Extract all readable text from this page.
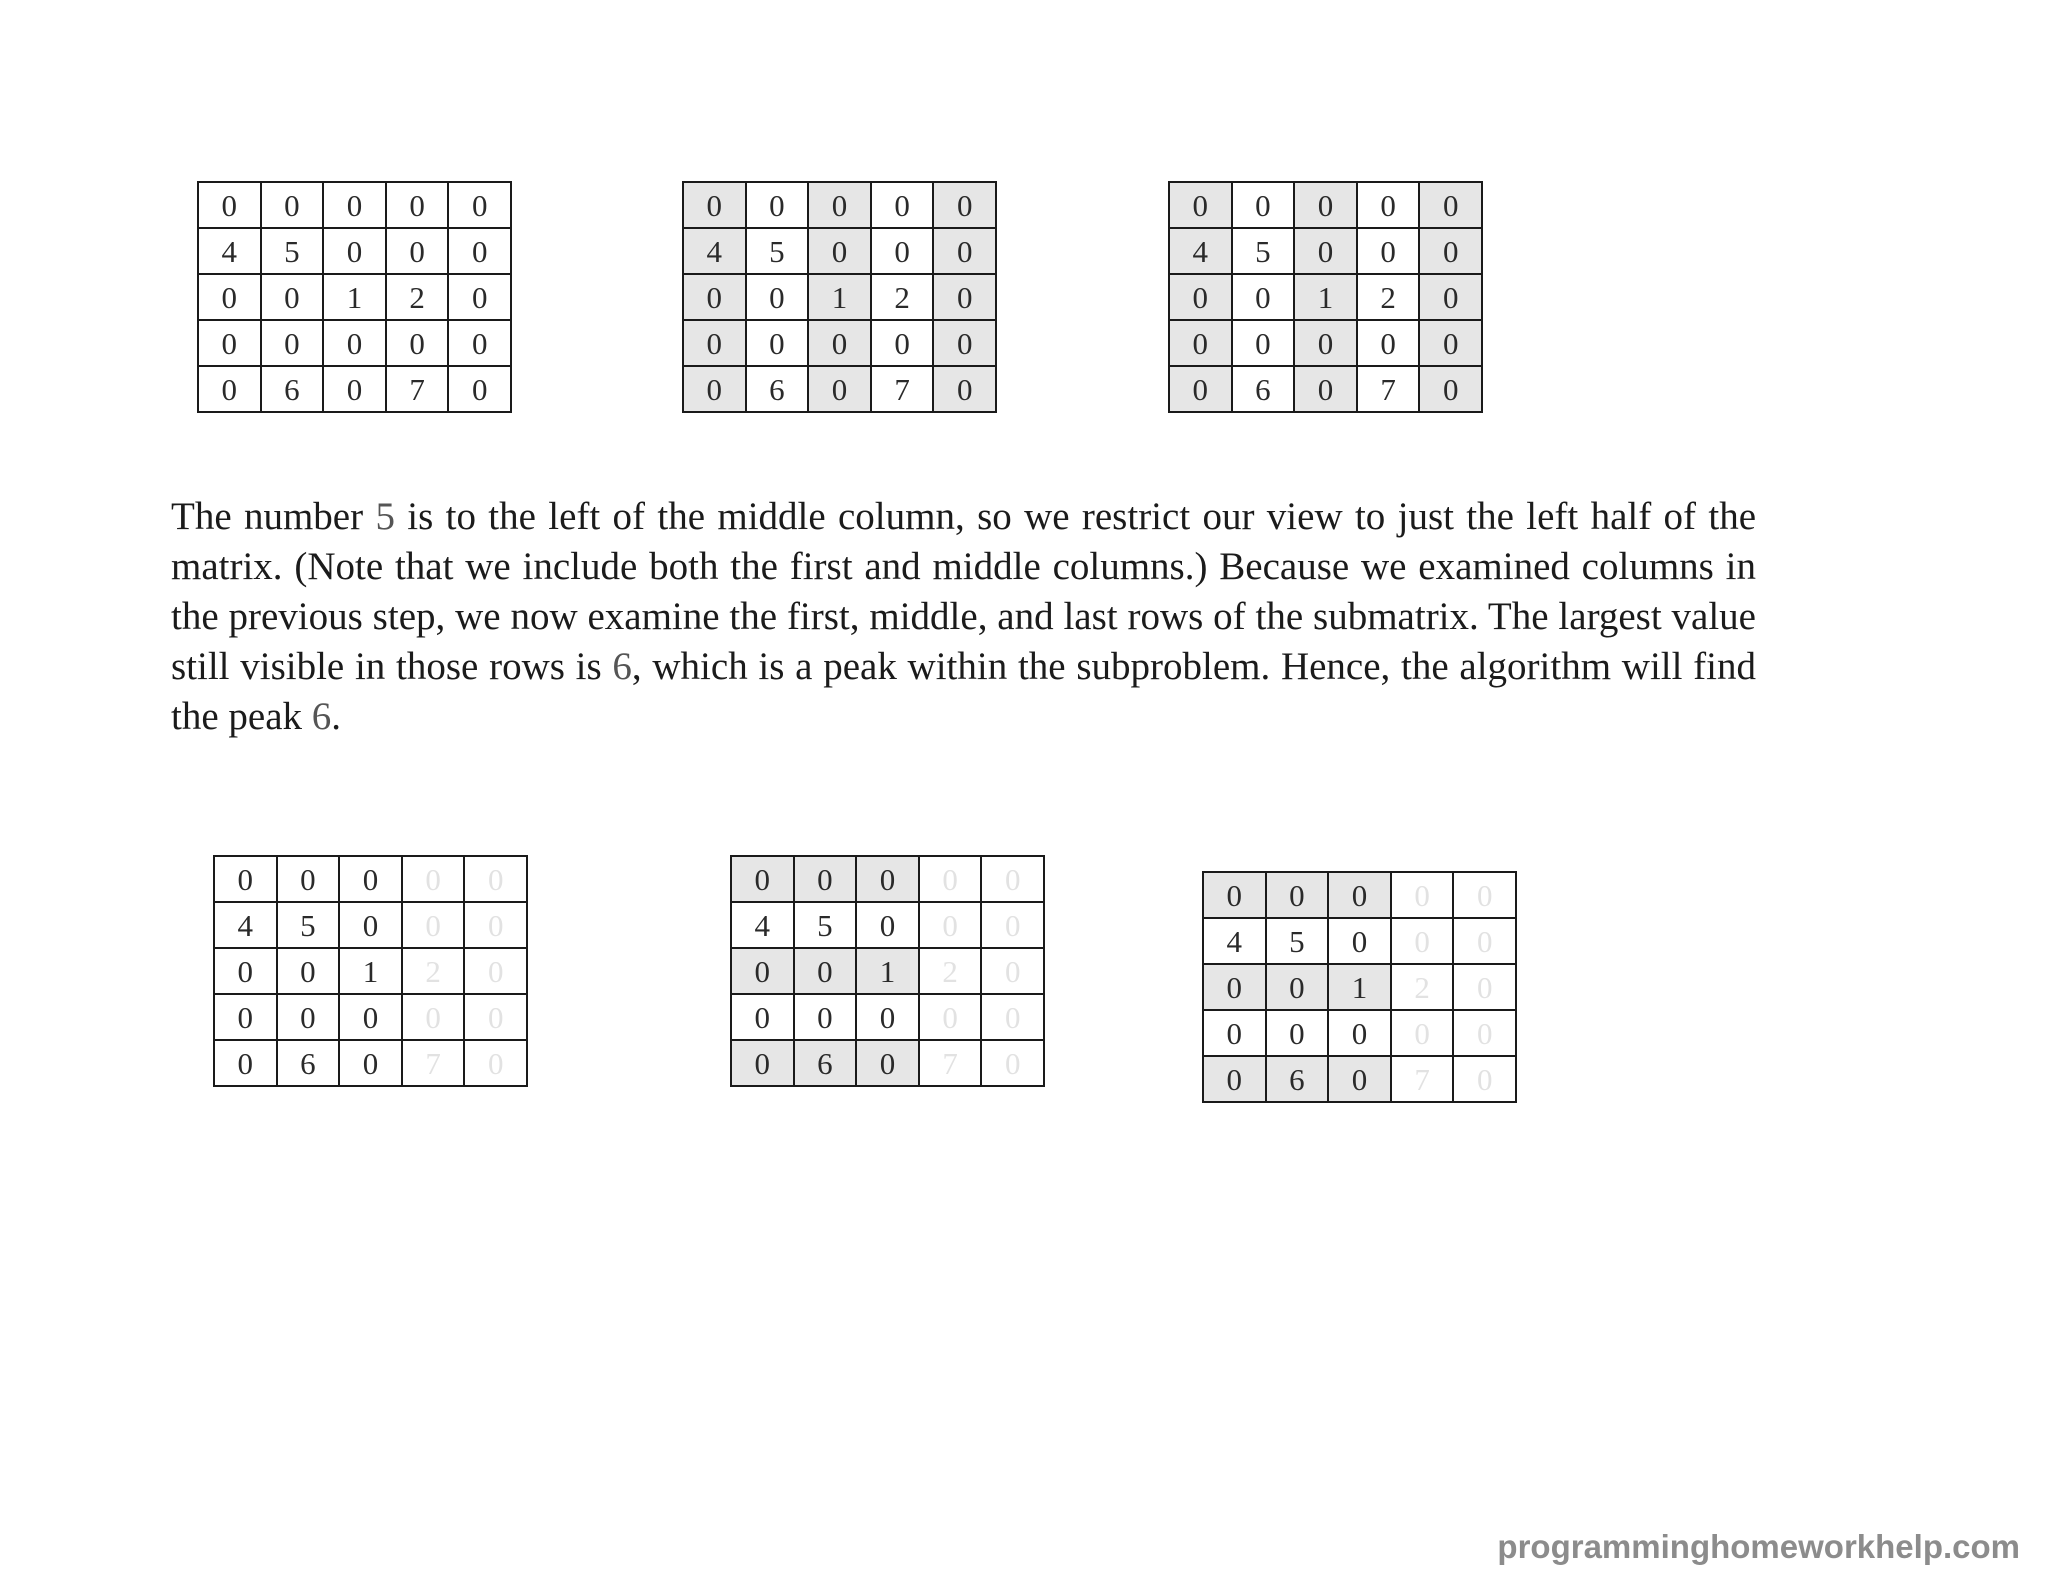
0	0	0	0	0
4	5	0	0	0
0	0	1	2	0
0	0	0	0	0
0	6	0	7	0
0	0	0	0	0
4	5	0	0	0
0	0	1	2	0
0	0	0	0	0
0	6	0	7	0
0	0	0	0	0
4	5	0	0	0
0	0	1	2	0
0	0	0	0	0
0	6	0	7	0

The number 5 is to the left of the middle column, so we restrict our view to just the left half of the matrix. (Note that we include both the first and middle columns.) Because we examined columns in the previous step, we now examine the first, middle, and last rows of the submatrix. The largest value still visible in those rows is 6, which is a peak within the subproblem. Hence, the algorithm will find the peak 6.

0	0	0	0	0
4	5	0	0	0
0	0	1	2	0
0	0	0	0	0
0	6	0	7	0
0	0	0	0	0
4	5	0	0	0
0	0	1	2	0
0	0	0	0	0
0	6	0	7	0
0	0	0	0	0
4	5	0	0	0
0	0	1	2	0
0	0	0	0	0
0	6	0	7	0
programminghomeworkhelp.com
